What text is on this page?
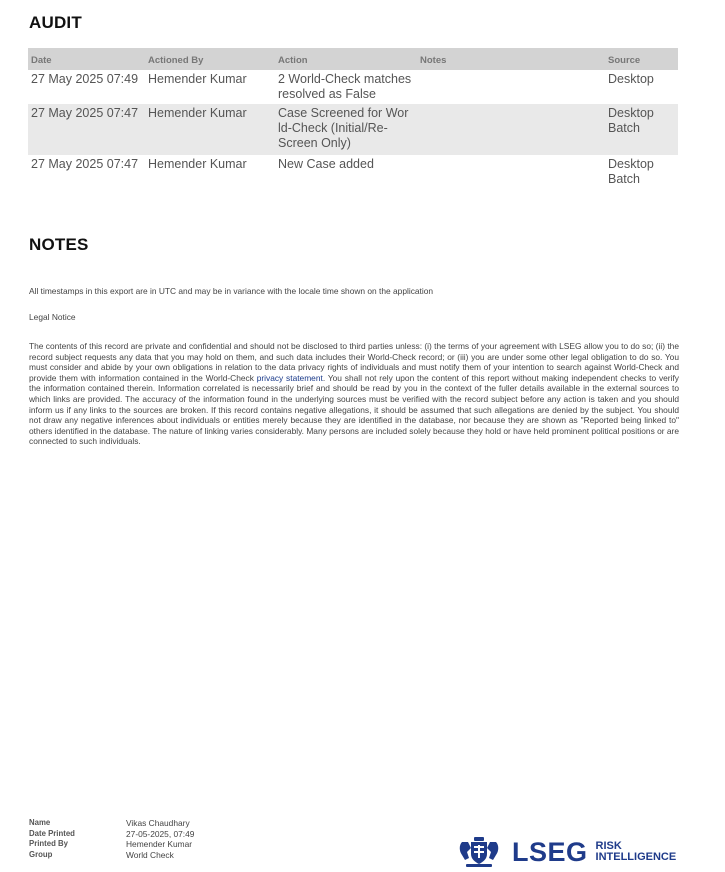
AUDIT
Date	Actioned By	Action	Notes	Source
27 May 2025 07:49	Hemender Kumar	2 World-Check matches
resolved as False		Desktop
27 May 2025 07:47	Hemender Kumar	Case Screened for Wor
ld-Check (Initial/Re-
Screen Only)		Desktop
Batch
27 May 2025 07:47	Hemender Kumar	New Case added		Desktop
Batch
NOTES
All timestamps in this export are in UTC and may be in variance with the locale time shown on the application
Legal Notice
The contents of this record are private and confidential and should not be disclosed to third parties unless: (i) the terms of your agreement with LSEG allow you to do so; (ii) the record subject requests any data that you may hold on them, and such data includes their World-Check record; or (iii) you are under some other legal obligation to do so. You must consider and abide by your own obligations in relation to the data privacy rights of individuals and must notify them of your intention to search against World-Check and provide them with information contained in the World-Check privacy statement. You shall not rely upon the content of this report without making independent checks to verify the information contained therein. Information correlated is necessarily brief and should be read by you in the context of the fuller details available in the external sources to which links are provided. The accuracy of the information found in the underlying sources must be verified with the record subject before any action is taken and you should inform us if any links to the sources are broken. If this record contains negative allegations, it should be assumed that such allegations are denied by the subject. You should not draw any negative inferences about individuals or entities merely because they are identified in the database, nor because they are shown as "Reported being linked to" others identified in the database. The nature of linking varies considerably. Many persons are included solely because they hold or have held prominent political positions or are connected to such individuals.
Name	Vikas Chaudhary
Date Printed	27-05-2025, 07:49
Printed By	Hemender Kumar
Group	World Check	LSEG RISK
INTELLIGENCE
